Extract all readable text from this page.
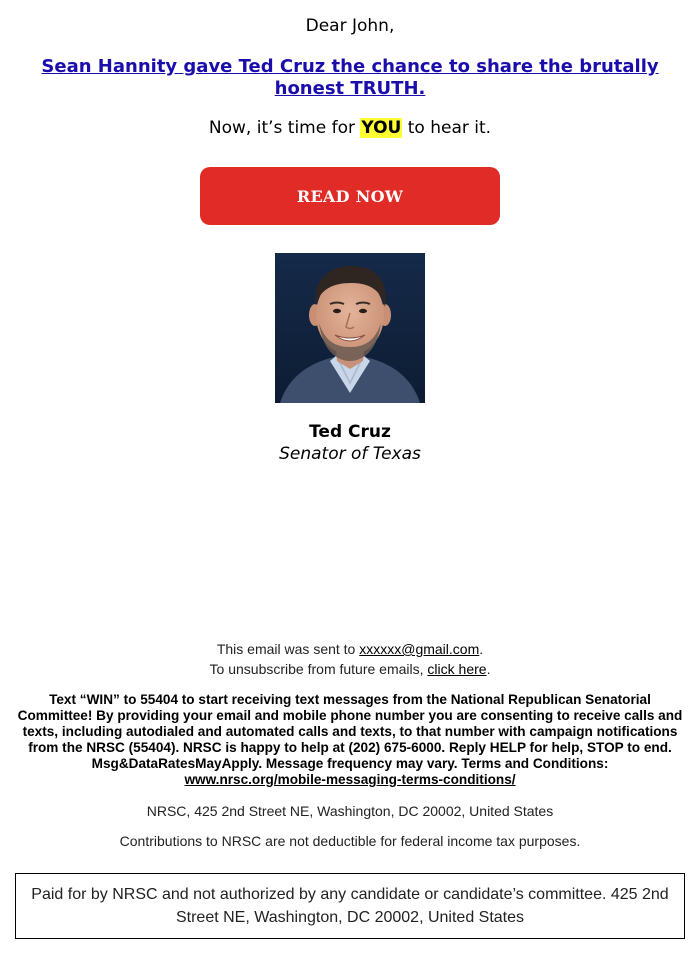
Dear John,
Sean Hannity gave Ted Cruz the chance to share the brutally honest TRUTH.
Now, it’s time for YOU to hear it.
READ NOW
Ted Cruz
Senator of Texas
This email was sent to xxxxxx@gmail.com.
To unsubscribe from future emails, click here.
Text “WIN” to 55404 to start receiving text messages from the National Republican Senatorial Committee! By providing your email and mobile phone number you are consenting to receive calls and texts, including autodialed and automated calls and texts, to that number with campaign notifications from the NRSC (55404). NRSC is happy to help at (202) 675-6000. Reply HELP for help, STOP to end. Msg&DataRatesMayApply. Message frequency may vary. Terms and Conditions:
www.nrsc.org/mobile-messaging-terms-conditions/
NRSC, 425 2nd Street NE, Washington, DC 20002, United States
Contributions to NRSC are not deductible for federal income tax purposes.
Paid for by NRSC and not authorized by any candidate or candidate’s committee. 425 2nd Street NE, Washington, DC 20002, United States
